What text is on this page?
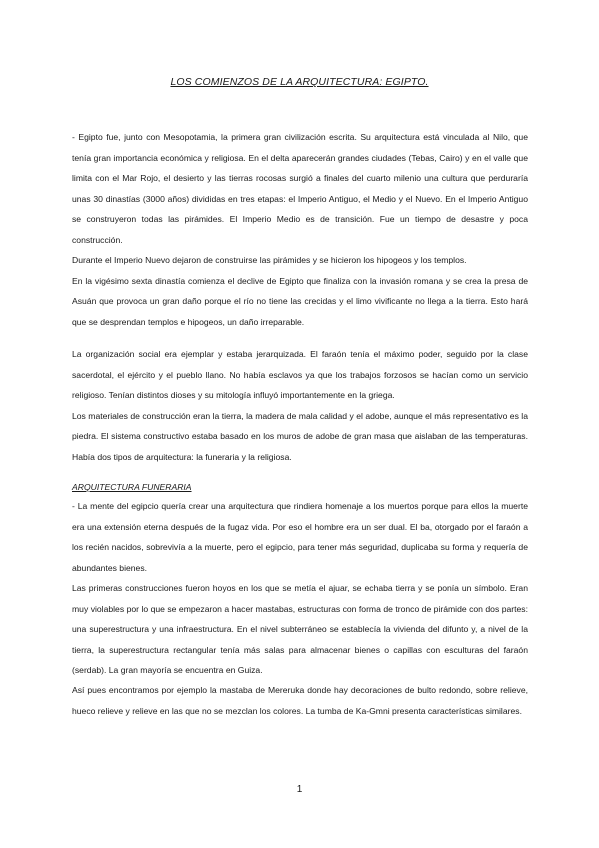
LOS COMIENZOS DE LA ARQUITECTURA: EGIPTO.

- Egipto fue, junto con Mesopotamia, la primera gran civilización escrita. Su arquitectura está vinculada al Nilo, que tenía gran importancia económica y religiosa. En el delta aparecerán grandes ciudades (Tebas, Cairo) y en el valle que limita con el Mar Rojo, el desierto y las tierras rocosas surgió a finales del cuarto milenio una cultura que perduraría unas 30 dinastías (3000 años) divididas en tres etapas: el Imperio Antiguo, el Medio y el Nuevo. En el Imperio Antiguo se construyeron todas las pirámides. El Imperio Medio es de transición. Fue un tiempo de desastre y poca construcción.

Durante el Imperio Nuevo dejaron de construirse las pirámides y se hicieron los hipogeos y los templos.

En la vigésimo sexta dinastía comienza el declive de Egipto que finaliza con la invasión romana y se crea la presa de Asuán que provoca un gran daño porque el río no tiene las crecidas y el limo vivificante no llega a la tierra. Esto hará que se desprendan templos e hipogeos, un daño irreparable.

La organización social era ejemplar y estaba jerarquizada. El faraón tenía el máximo poder, seguido por la clase sacerdotal, el ejército y el pueblo llano. No había esclavos ya que los trabajos forzosos se hacían como un servicio religioso. Tenían distintos dioses y su mitología influyó importantemente en la griega.

Los materiales de construcción eran la tierra, la madera de mala calidad y el adobe, aunque el más representativo es la piedra. El sistema constructivo estaba basado en los muros de adobe de gran masa que aislaban de las temperaturas. Había dos tipos de arquitectura: la funeraria y la religiosa.

ARQUITECTURA FUNERARIA

- La mente del egipcio quería crear una arquitectura que rindiera homenaje a los muertos porque para ellos la muerte era una extensión eterna después de la fugaz vida. Por eso el hombre era un ser dual. El ba, otorgado por el faraón a los recién nacidos, sobrevivía a la muerte, pero el egipcio, para tener más seguridad, duplicaba su forma y requería de abundantes bienes.

Las primeras construcciones fueron hoyos en los que se metía el ajuar, se echaba tierra y se ponía un símbolo. Eran muy violables por lo que se empezaron a hacer mastabas, estructuras con forma de tronco de pirámide con dos partes: una superestructura y una infraestructura. En el nivel subterráneo se establecía la vivienda del difunto y, a nivel de la tierra, la superestructura rectangular tenía más salas para almacenar bienes o capillas con esculturas del faraón (serdab). La gran mayoría se encuentra en Guiza.

Así pues encontramos por ejemplo la mastaba de Mereruka donde hay decoraciones de bulto redondo, sobre relieve, hueco relieve y relieve en las que no se mezclan los colores. La tumba de Ka-Gmni presenta características similares.

1
